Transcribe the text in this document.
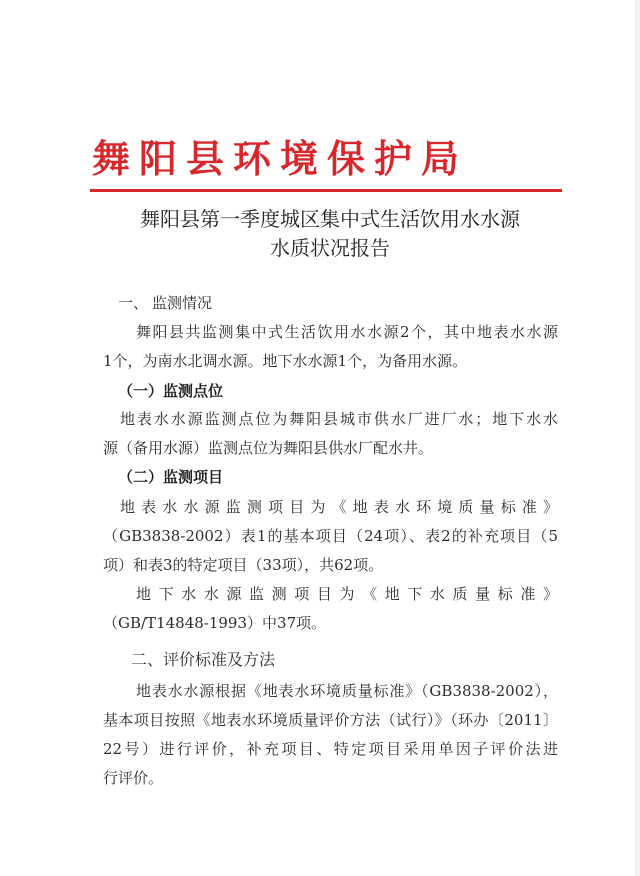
舞阳县环境保护局
舞阳县第一季度城区集中式生活饮用水水源
水质状况报告
一、 监测情况
舞阳县共监测集中式生活饮用水水源2个，其中地表水水源
1个，为南水北调水源。地下水水源1个，为备用水源。
（一）监测点位
地表水水源监测点位为舞阳县城市供水厂进厂水；地下水水
源（备用水源）监测点位为舞阳县供水厂配水井。
（二）监测项目
地表水水源监测项目为《地表水环境质量标准》
（GB3838-2002）表1的基本项目（24项）、表2的补充项目（5
项）和表3的特定项目（33项），共62项。
地下水水源监测项目为《地下水质量标准》
（GB/T14848-1993）中37项。
二、评价标准及方法
地表水水源根据《地表水环境质量标准》（GB3838-2002），
基本项目按照《地表水环境质量评价方法（试行）》（环办〔2011〕
22号）进行评价，补充项目、特定项目采用单因子评价法进
行评价。
